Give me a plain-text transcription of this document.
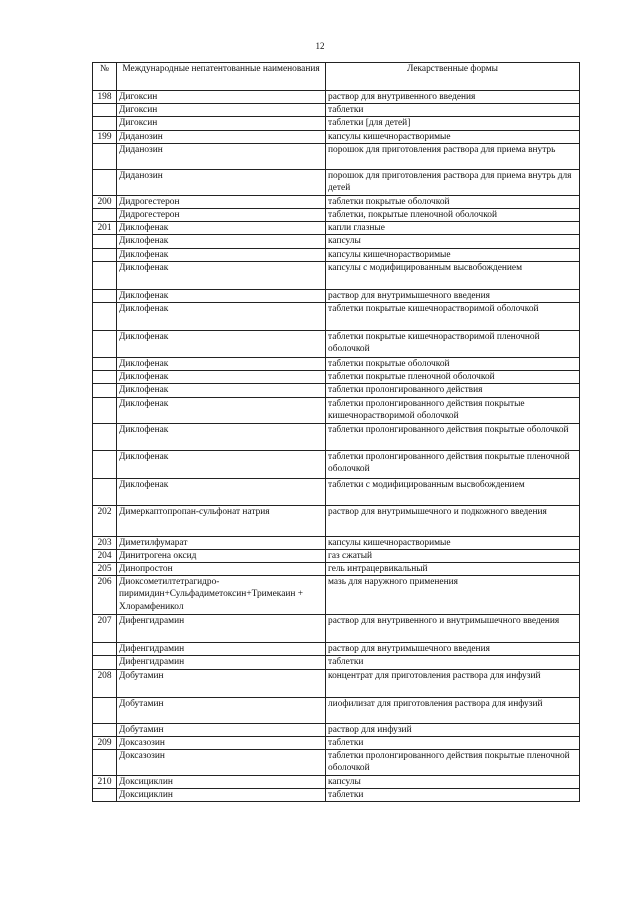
12
№	Международные непатентованные наименования	Лекарственные формы
198	Дигоксин	раствор для внутривенного введения
	Дигоксин	таблетки
	Дигоксин	таблетки [для детей]
199	Диданозин	капсулы кишечнорастворимые
	Диданозин	порошок для приготовления раствора для приема внутрь
	Диданозин	порошок для приготовления раствора для приема внутрь для детей
200	Дидрогестерон	таблетки покрытые оболочкой
	Дидрогестерон	таблетки, покрытые пленочной оболочкой
201	Диклофенак	капли глазные
	Диклофенак	капсулы
	Диклофенак	капсулы кишечнорастворимые
	Диклофенак	капсулы с модифицированным высвобождением
	Диклофенак	раствор для внутримышечного введения
	Диклофенак	таблетки покрытые кишечнорастворимой оболочкой
	Диклофенак	таблетки покрытые кишечнорастворимой пленочной оболочкой
	Диклофенак	таблетки покрытые оболочкой
	Диклофенак	таблетки покрытые пленочной оболочкой
	Диклофенак	таблетки пролонгированного действия
	Диклофенак	таблетки пролонгированного действия покрытые кишечнорастворимой оболочкой
	Диклофенак	таблетки пролонгированного действия покрытые оболочкой
	Диклофенак	таблетки пролонгированного действия покрытые пленочной оболочкой
	Диклофенак	таблетки с модифицированным высвобождением
202	Димеркаптопропан-сульфонат натрия	раствор для внутримышечного и подкожного введения
203	Диметилфумарат	капсулы кишечнорастворимые
204	Динитрогена оксид	газ сжатый
205	Динопростон	гель интрацервикальный
206	Диоксометилтетрагидро-пиримидин+Сульфадиметоксин+Тримекаин + Хлорамфеникол	мазь для наружного применения
207	Дифенгидрамин	раствор для внутривенного и внутримышечного введения
	Дифенгидрамин	раствор для внутримышечного введения
	Дифенгидрамин	таблетки
208	Добутамин	концентрат для приготовления раствора для инфузий
	Добутамин	лиофилизат для приготовления раствора для инфузий
	Добутамин	раствор для инфузий
209	Доксазозин	таблетки
	Доксазозин	таблетки пролонгированного действия покрытые пленочной оболочкой
210	Доксициклин	капсулы
	Доксициклин	таблетки
